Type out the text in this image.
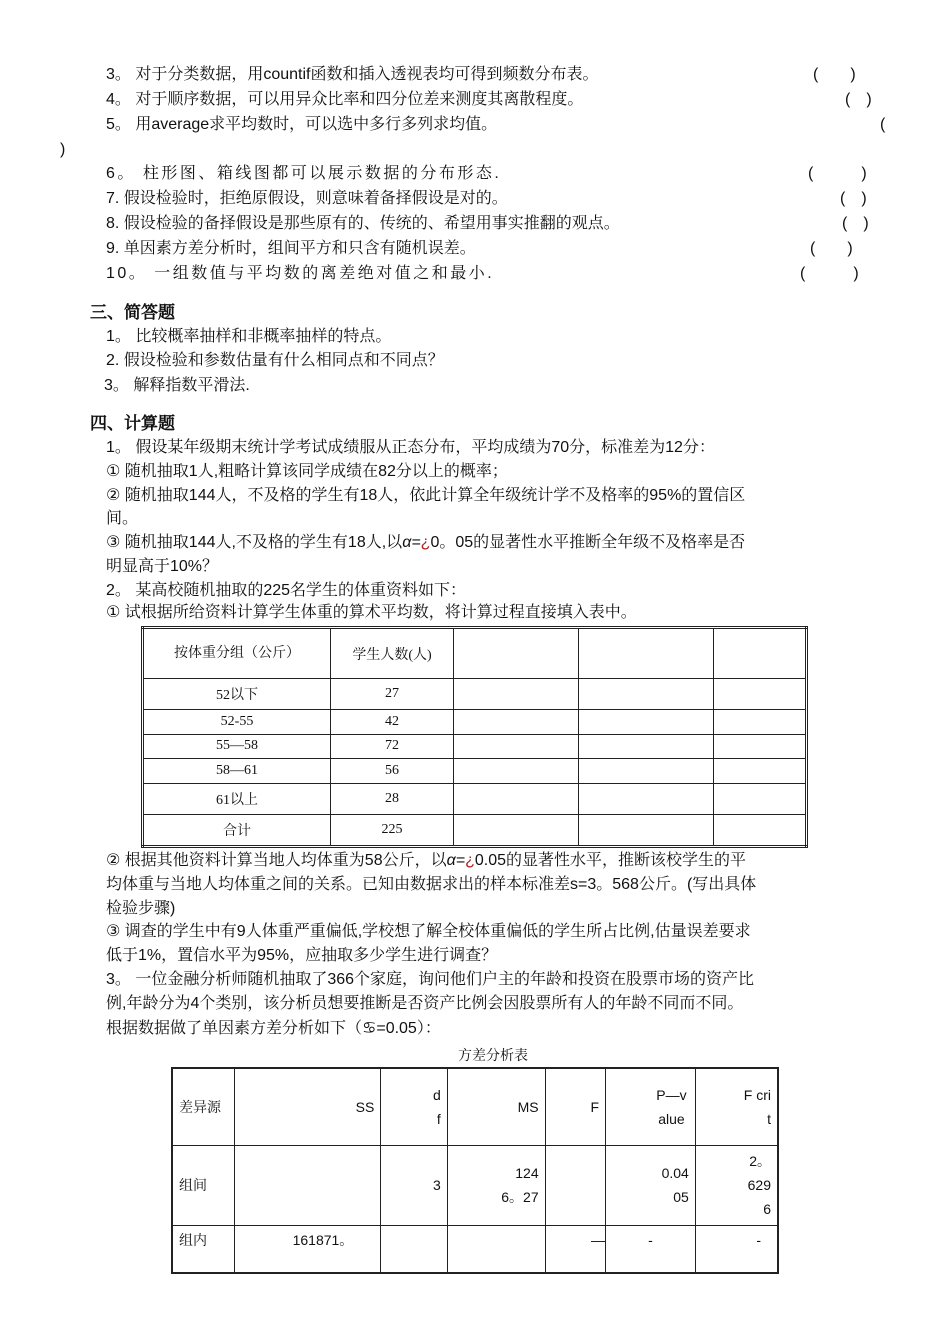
3。 对于分类数据，用countif函数和插入透视表均可得到频数分布表。	(　　)
4。 对于顺序数据，可以用异众比率和四分位差来测度其离散程度。	(　)
5。 用average求平均数时，可以选中多行多列求均值。	(
)
6。 柱形图、箱线图都可以展示数据的分布形态.	(　　　)
7. 假设检验时，拒绝原假设，则意味着备择假设是对的。	(　)
8. 假设检验的备择假设是那些原有的、传统的、希望用事实推翻的观点。	(　)
9. 单因素方差分析时，组间平方和只含有随机误差。	(　　)
10。 一组数值与平均数的离差绝对值之和最小.	(　　　)
三、简答题
1。 比较概率抽样和非概率抽样的特点。
2. 假设检验和参数估量有什么相同点和不同点？
3。 解释指数平滑法.
四、计算题
1。 假设某年级期末统计学考试成绩服从正态分布，平均成绩为70分，标准差为12分：
① 随机抽取1人,粗略计算该同学成绩在82分以上的概率；
② 随机抽取144人，不及格的学生有18人，依此计算全年级统计学不及格率的95%的置信区
间。
③ 随机抽取144人,不及格的学生有18人,以α=¿0。05的显著性水平推断全年级不及格率是否
明显高于10%？
2。 某高校随机抽取的225名学生的体重资料如下：
① 试根据所给资料计算学生体重的算术平均数，将计算过程直接填入表中。
按体重分组（公斤）	学生人数(人)			
52以下	27			
52-55	42			
55—58	72			
58—61	56			
61以上	28			
合计	225			
② 根据其他资料计算当地人均体重为58公斤，以α=¿0.05的显著性水平，推断该校学生的平
均体重与当地人均体重之间的关系。已知由数据求出的样本标准差s=3。568公斤。(写出具体
检验步骤)
③ 调查的学生中有9人体重严重偏低,学校想了解全校体重偏低的学生所占比例,估量误差要求
低于1%，置信水平为95%，应抽取多少学生进行调查？
3。 一位金融分析师随机抽取了366个家庭，询问他们户主的年龄和投资在股票市场的资产比
例,年龄分为4个类别，该分析员想要推断是否资产比例会因股票所有人的年龄不同而不同。
根据数据做了单因素方差分析如下（♋=0.05）：
方差分析表
差异源	SS	d f	MS	F	P—value	F crit
组间		3	1246。27		0.0405	2。6296
组内	161871。			—	-	-
